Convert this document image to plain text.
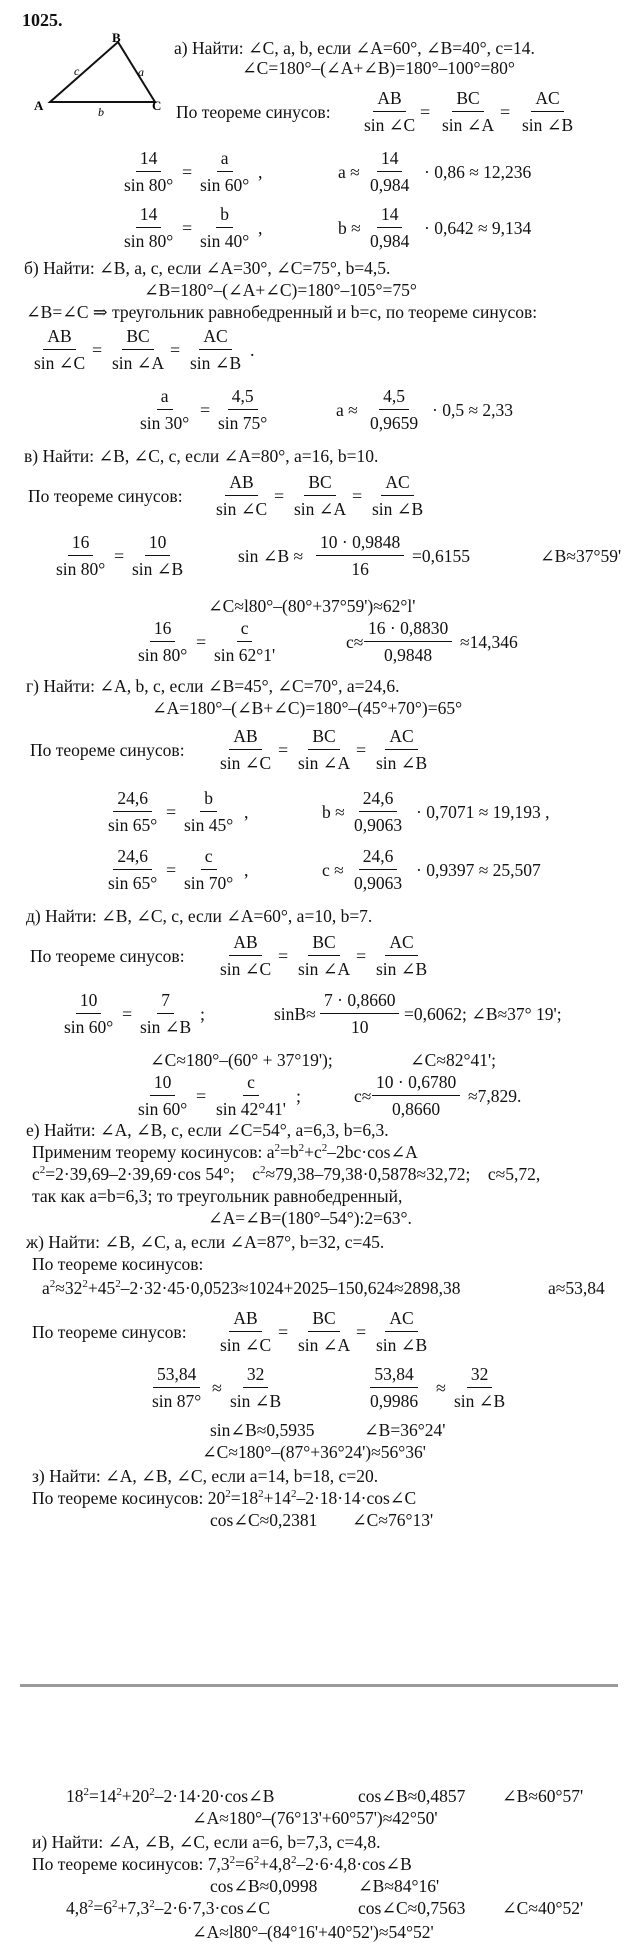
1025.
B
A	C
c	a
b
а) Найти: ∠C, a, b, если ∠A=60°, ∠B=40°, c=14.
∠C=180°–(∠A+∠B)=180°–100°=80°
По теореме синусов: $\frac{AB}{\sin \angle C} = \frac{BC}{\sin \angle A} = \frac{AC}{\sin \angle B}$
$\frac{14}{\sin 80^\circ} = \frac{a}{\sin 60^\circ}$ ,	$a \approx \frac{14}{0,984} \cdot 0,86 \approx 12,236$
$\frac{14}{\sin 80^\circ} = \frac{b}{\sin 40^\circ}$ ,	$b \approx \frac{14}{0,984} \cdot 0,642 \approx 9,134$
б) Найти: ∠B, a, c, если ∠A=30°, ∠C=75°, b=4,5.
∠B=180°–(∠A+∠C)=180°–105°=75°
∠B=∠C ⇒ треугольник равнобедренный и b=c, по теореме синусов:
$\frac{AB}{\sin \angle C} = \frac{BC}{\sin \angle A} = \frac{AC}{\sin \angle B}$ .
$\frac{a}{\sin 30^\circ} = \frac{4,5}{\sin 75^\circ}$	$a \approx \frac{4,5}{0,9659} \cdot 0,5 \approx 2,33$
в) Найти: ∠B, ∠C, c, если ∠A=80°, a=16, b=10.
По теореме синусов: $\frac{AB}{\sin \angle C} = \frac{BC}{\sin \angle A} = \frac{AC}{\sin \angle B}$
$\frac{16}{\sin 80^\circ} = \frac{10}{\sin \angle B}$	sin ∠B ≈ $\frac{10 \cdot 0,9848}{16} =0,6155$	∠B≈37°59'
∠C≈l80°–(80°+37°59')≈62°l'
$\frac{16}{\sin 80^\circ} = \frac{c}{\sin 62^\circ 1'}$	$c\approx \frac{16 \cdot 0,8830}{0,9848} \approx 14,346$
г) Найти: ∠A, b, c, если ∠B=45°, ∠C=70°, a=24,6.
∠A=180°–(∠B+∠C)=180°–(45°+70°)=65°
По теореме синусов: $\frac{AB}{\sin \angle C} = \frac{BC}{\sin \angle A} = \frac{AC}{\sin \angle B}$
$\frac{24,6}{\sin 65^\circ} = \frac{b}{\sin 45^\circ}$ ,	$b \approx \frac{24,6}{0,9063} \cdot 0,7071 \approx 19,193$ ,
$\frac{24,6}{\sin 65^\circ} = \frac{c}{\sin 70^\circ}$ ,	$c \approx \frac{24,6}{0,9063} \cdot 0,9397 \approx 25,507$
д) Найти: ∠B, ∠C, c, если ∠A=60°, a=10, b=7.
По теореме синусов: $\frac{AB}{\sin \angle C} = \frac{BC}{\sin \angle A} = \frac{AC}{\sin \angle B}$
$\frac{10}{\sin 60^\circ} = \frac{7}{\sin \angle B}$ ;	$\sin B\approx \frac{7 \cdot 0,8660}{10} =0,6062$; ∠B≈37° 19';
∠C≈180°–(60° + 37°19');	∠C≈82°41';
$\frac{10}{\sin 60^\circ} = \frac{c}{\sin 42^\circ 41'}$ ;	$c\approx \frac{10 \cdot 0,6780}{0,8660} \approx 7,829$.
е) Найти: ∠A, ∠B, c, если ∠C=54°, a=6,3, b=6,3.
Применим теорему косинусов: $a^2=b^2+c^2-2bc\cdot\cos\angle A$
$c^2=2\cdot 39,69-2\cdot 39,69\cdot\cos$ 54°;    $c^2\approx 79,38-79,38\cdot 0,5878\approx 32,72$;    c≈5,72,
так как a=b=6,3; то треугольник равнобедренный,
∠A=∠B=(180°–54°):2=63°.
ж) Найти: ∠B, ∠C, a, если ∠A=87°, b=32, c=45.
По теореме косинусов:
$a^2\approx 32^2+45^2-2\cdot 32\cdot 45\cdot 0,0523\approx 1024+2025-150,624\approx 2898,38$	a≈53,84
По теореме синусов: $\frac{AB}{\sin \angle C} = \frac{BC}{\sin \angle A} = \frac{AC}{\sin \angle B}$
$\frac{53,84}{\sin 87^\circ} \approx \frac{32}{\sin \angle B}$	$\frac{53,84}{0,9986} \approx \frac{32}{\sin \angle B}$
sin∠B≈0,5935	∠B=36°24'
∠C≈180°–(87°+36°24')≈56°36'
з) Найти: ∠A, ∠B, ∠C, если a=14, b=18, c=20.
По теореме косинусов: $20^2=18^2+14^2-2\cdot 18\cdot 14\cdot\cos\angle C$
cos∠C≈0,2381 ∠C≈76°13'
$18^2=14^2+20^2-2\cdot 14\cdot 20\cdot\cos\angle B$	cos∠B≈0,4857 ∠B≈60°57'
∠A≈180°–(76°13'+60°57')≈42°50'
и) Найти: ∠A, ∠B, ∠C, если a=6, b=7,3, c=4,8.
По теореме косинусов: $7,3^2=6^2+4,8^2-2\cdot 6\cdot 4,8\cdot\cos\angle B$
cos∠B≈0,0998 ∠B≈84°16'
$4,8^2=6^2+7,3^2-2\cdot 6\cdot 7,3\cdot\cos\angle C$	cos∠C≈0,7563 ∠C≈40°52'
∠A≈l80°–(84°16'+40°52')≈54°52'
